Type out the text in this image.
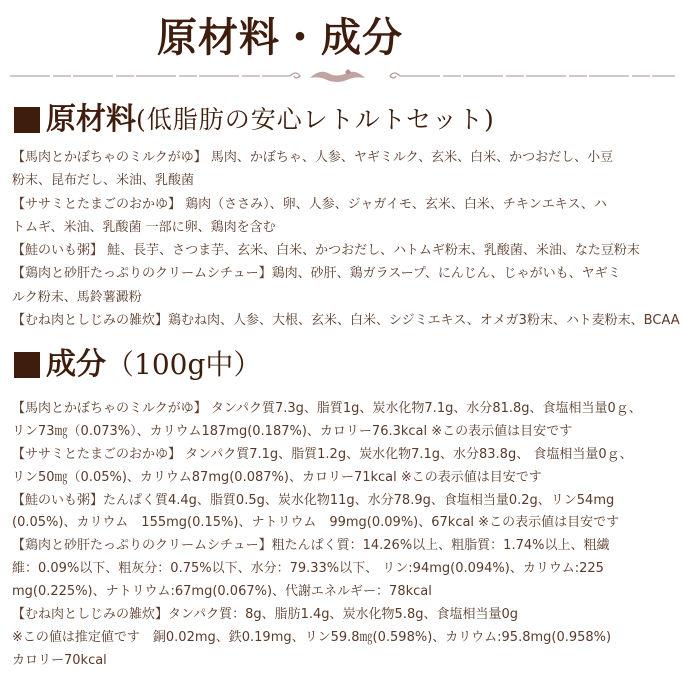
原材料・成分
原材料 (低脂肪の安心レトルトセット)
【馬肉とかぼちゃのミルクがゆ】 馬肉、かぼちゃ、人参、ヤギミルク、玄米、白米、かつおだし、小豆
粉末、昆布だし、米油、乳酸菌
【ササミとたまごのおかゆ】 鶏肉（ささみ）、卵、人参、ジャガイモ、玄米、白米、チキンエキス、ハ
トムギ、米油、乳酸菌 一部に卵、鶏肉を含む
【鮭のいも粥】 鮭、長芋、さつま芋、玄米、白米、かつおだし、ハトムギ粉末、乳酸菌、米油、なた豆粉末
【鶏肉と砂肝たっぷりのクリームシチュー】鶏肉、砂肝、鶏ガラスープ、にんじん、じゃがいも、ヤギミ
ルク粉末、馬鈴薯澱粉
【むね肉としじみの雑炊】鶏むね肉、人参、大根、玄米、白米、シジミエキス、オメガ3粉末、ハト麦粉末、BCAA
成分 （100g中）
【馬肉とかぼちゃのミルクがゆ】 タンパク質7.3g、脂質1g、炭水化物7.1g、水分81.8g、食塩相当量0ｇ、
リン73㎎（0.073%）、カリウム187mg(0.187%)、カロリー76.3kcal ※この表示値は目安です
【ササミとたまごのおかゆ】 タンパク質7.1g、脂質1.2g、炭水化物7.1g、水分83.8g、 食塩相当量0ｇ、
リン50㎎（0.05%)、カリウム87mg(0.087%)、カロリー71kcal ※この表示値は目安です
【鮭のいも粥】たんぱく質4.4g、脂質0.5g、炭水化物11g、水分78.9g、食塩相当量0.2g、リン54mg
(0.05%)、カリウム　155mg(0.15%)、ナトリウム　99mg(0.09%)、67kcal ※この表示値は目安です
【鶏肉と砂肝たっぷりのクリームシチュー】粗たんぱく質：14.26%以上、粗脂質：1.74%以上、粗繊
維：0.09%以下、粗灰分：0.75%以下、水分：79.33%以下、 リン:94mg(0.094%)、カリウム:225
mg(0.225%)、ナトリウム:67mg(0.067%)、代謝エネルギー：78kcal
【むね肉としじみの雑炊】タンパク質：8g、脂肪1.4g、炭水化物5.8g、食塩相当量0g
※この値は推定値です　銅0.02mg、鉄0.19mg、リン59.8㎎(0.598%)、カリウム:95.8mg(0.958%)
カロリー70kcal
